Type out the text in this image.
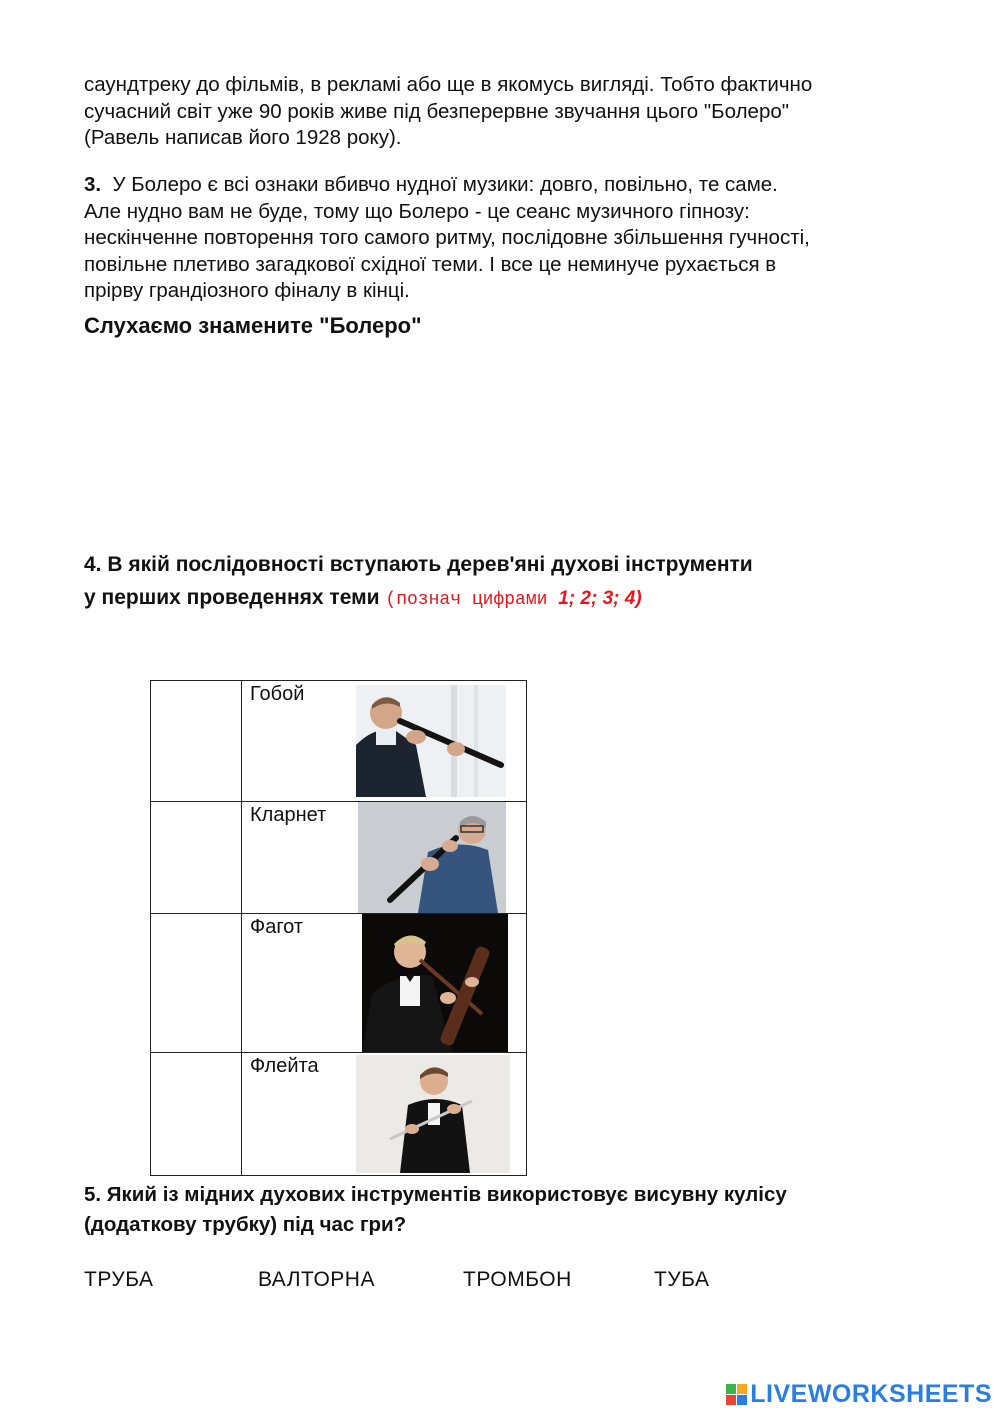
саундтреку до фільмів, в рекламі або ще в якомусь вигляді. Тобто фактично
сучасний світ уже 90 років живе під безперервне звучання цього "Болеро"
(Равель написав його 1928 року).
3.  У Болеро є всі ознаки вбивчо нудної музики: довго, повільно, те саме.
Але нудно вам не буде, тому що Болеро - це сеанс музичного гіпнозу:
нескінченне повторення того самого ритму, послідовне збільшення гучності,
повільне плетиво загадкової східної теми. І все це неминуче рухається в
прірву грандіозного фіналу в кінці.
Слухаємо знамените "Болеро"
4. В якій послідовності вступають дерев'яні духові інструменти
у перших проведеннях теми (познач цифрами 1; 2; 3; 4)

Гобой

Кларнет

Фагот

Флейта
5. Який із мідних духових інструментів використовує висувну кулісу
(додаткову трубку) під час гри?
ТРУБА	ВАЛТОРНА	ТРОМБОН	ТУБА
LIVEWORKSHEETS
